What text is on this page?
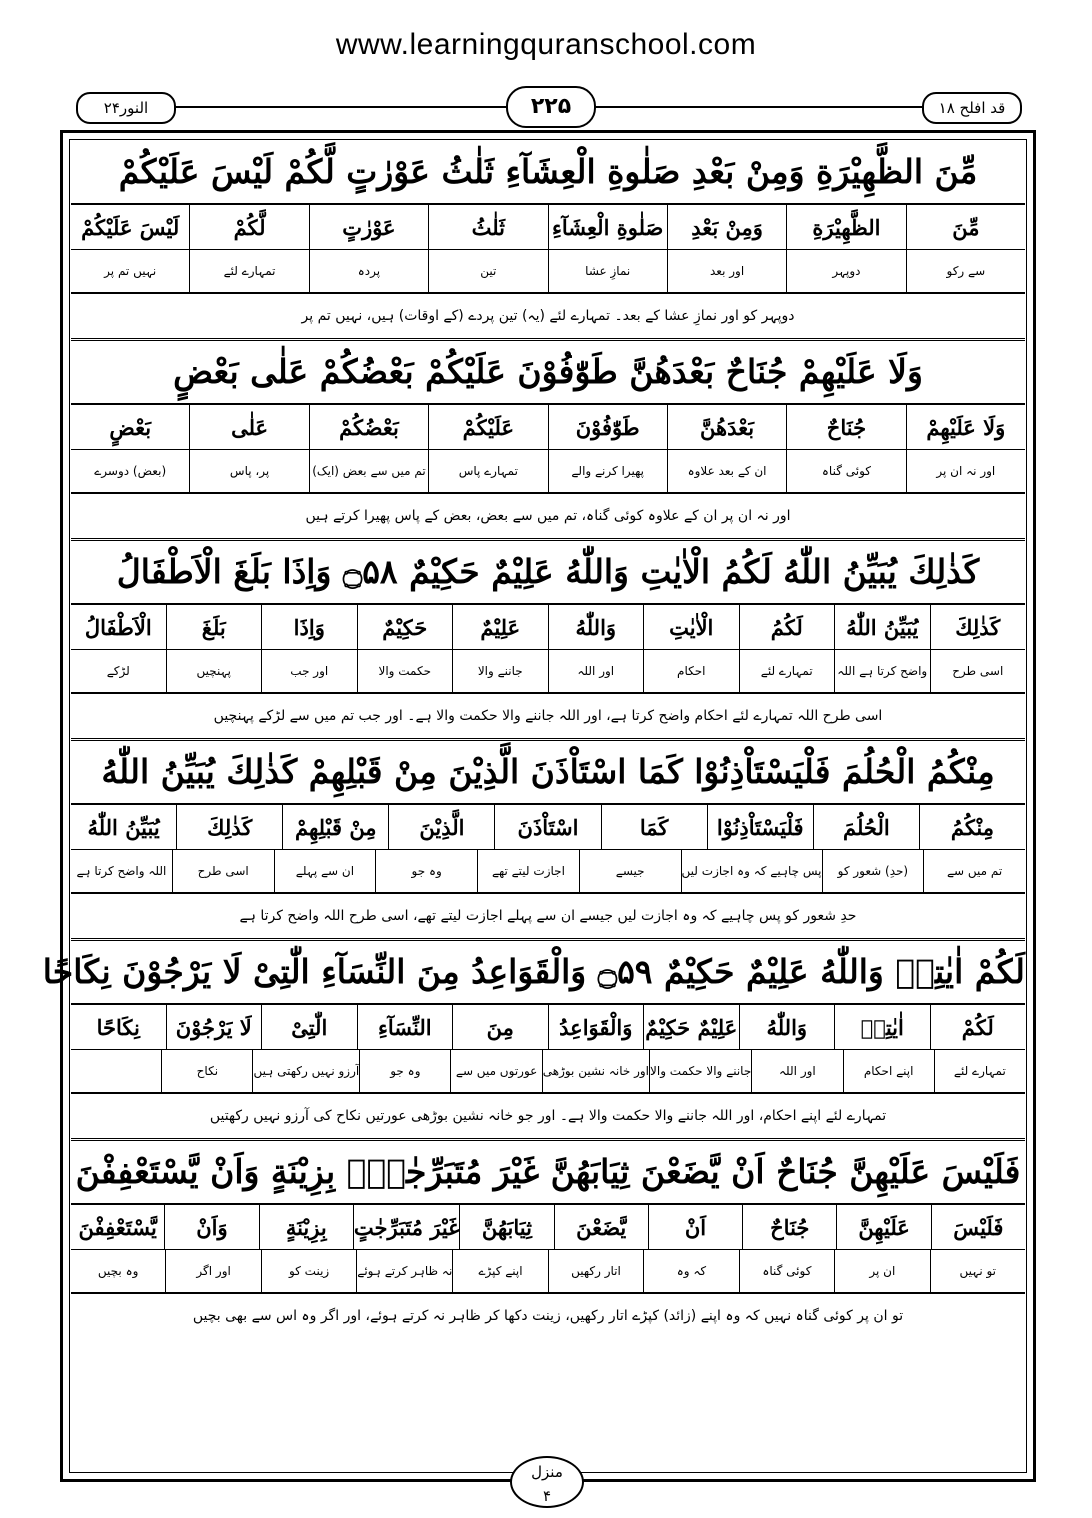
www.learningquranschool.com
النور۲۴	۲۲۵	قد افلح ۱۸
مِّنَ الظَّهِيْرَةِ وَمِنْ بَعْدِ صَلٰوةِ الْعِشَآءِ ثَلٰثُ عَوْرٰتٍ لَّكُمْ لَيْسَ عَلَيْكُمْ
مِّنَ
الظَّهِيْرَةِ
وَمِنْ بَعْدِ
صَلٰوةِ الْعِشَآءِ
ثَلٰثُ
عَوْرٰتٍ
لَّكُمْ
لَيْسَ عَلَيْكُمْ
سے رکو
دوپہر
اور بعد
نمازِ عشا
تین
پردہ
تمہارے لئے
نہیں تم پر
دوپہر کو اور نمازِ عشا کے بعد۔ تمہارے لئے (یہ) تین پردے (کے اوقات) ہیں، نہیں تم پر
وَلَا عَلَيْهِمْ جُنَاحٌ بَعْدَهُنَّ طَوّٰفُوْنَ عَلَيْكُمْ بَعْضُكُمْ عَلٰى بَعْضٍ
وَلَا عَلَيْهِمْ
جُنَاحٌ
بَعْدَهُنَّ
طَوّٰفُوْنَ
عَلَيْكُمْ
بَعْضُكُمْ
عَلٰى
بَعْضٍ
اور نہ ان پر
کوئی گناہ
ان کے بعد علاوہ
پھیرا کرنے والے
تمہارے پاس
تم میں سے بعض (ایک)
پر، پاس
(بعض) دوسرے
اور نہ ان پر ان کے علاوہ کوئی گناہ، تم میں سے بعض، بعض کے پاس پھیرا کرتے ہیں
كَذٰلِكَ يُبَيِّنُ اللّٰهُ لَكُمُ الْاٰيٰتِ وَاللّٰهُ عَلِيْمٌ حَكِيْمٌ ۝۵۸ وَاِذَا بَلَغَ الْاَطْفَالُ
كَذٰلِكَ
يُبَيِّنُ اللّٰهُ
لَكُمُ
الْاٰيٰتِ
وَاللّٰهُ
عَلِيْمٌ
حَكِيْمٌ
وَاِذَا
بَلَغَ
الْاَطْفَالُ
اسی طرح
واضح کرتا ہے اللہ
تمہارے لئے
احکام
اور اللہ
جاننے والا
حکمت والا
اور جب
پہنچیں
لڑکے
اسی طرح اللہ تمہارے لئے احکام واضح کرتا ہے، اور اللہ جاننے والا حکمت والا ہے۔ اور جب تم میں سے لڑکے پہنچیں
مِنْكُمُ الْحُلُمَ فَلْيَسْتَاْذِنُوْا كَمَا اسْتَاْذَنَ الَّذِيْنَ مِنْ قَبْلِهِمْ كَذٰلِكَ يُبَيِّنُ اللّٰهُ
مِنْكُمُ
الْحُلُمَ
فَلْيَسْتَاْذِنُوْا
كَمَا
اسْتَاْذَنَ
الَّذِيْنَ
مِنْ قَبْلِهِمْ
كَذٰلِكَ
يُبَيِّنُ اللّٰهُ
تم میں سے
(حدِ) شعور کو
پس چاہیے کہ وہ اجازت لیں
جیسے
اجازت لیتے تھے
وہ جو
ان سے پہلے
اسی طرح
اللہ واضح کرتا ہے
حدِ شعور کو پس چاہیے کہ وہ اجازت لیں جیسے ان سے پہلے اجازت لیتے تھے، اسی طرح اللہ واضح کرتا ہے
لَكُمْ اٰيٰتِهٖ وَاللّٰهُ عَلِيْمٌ حَكِيْمٌ ۝۵۹ وَالْقَوَاعِدُ مِنَ النِّسَآءِ الّٰتِىْ لَا يَرْجُوْنَ نِكَاحًا
لَكُمْ
اٰيٰتِهٖ
وَاللّٰهُ
عَلِيْمٌ حَكِيْمٌ
وَالْقَوَاعِدُ
مِنَ
النِّسَآءِ
الّٰتِىْ
لَا يَرْجُوْنَ
نِكَاحًا
تمہارے لئے
اپنے احکام
اور اللہ
جاننے والا حکمت والا
اور خانہ نشین بوڑھی
عورتوں میں سے
وہ جو
آرزو نہیں رکھتی ہیں
نکاح
تمہارے لئے اپنے احکام، اور اللہ جاننے والا حکمت والا ہے۔ اور جو خانہ نشین بوڑھی عورتیں نکاح کی آرزو نہیں رکھتیں
فَلَيْسَ عَلَيْهِنَّ جُنَاحٌ اَنْ يَّضَعْنَ ثِيَابَهُنَّ غَيْرَ مُتَبَرِّجٰتٍۢ بِزِيْنَةٍ وَاَنْ يَّسْتَعْفِفْنَ
فَلَيْسَ
عَلَيْهِنَّ
جُنَاحٌ
اَنْ
يَّضَعْنَ
ثِيَابَهُنَّ
غَيْرَ مُتَبَرِّجٰتٍ
بِزِيْنَةٍ
وَاَنْ
يَّسْتَعْفِفْنَ
تو نہیں
ان پر
کوئی گناہ
کہ وہ
اتار رکھیں
اپنے کپڑے
نہ ظاہر کرتے ہوئے
زینت کو
اور اگر
وہ بچیں
تو ان پر کوئی گناہ نہیں کہ وہ اپنے (زائد) کپڑے اتار رکھیں، زینت دکھا کر ظاہر نہ کرتے ہوئے، اور اگر وہ اس سے بھی بچیں
منزل
۴
